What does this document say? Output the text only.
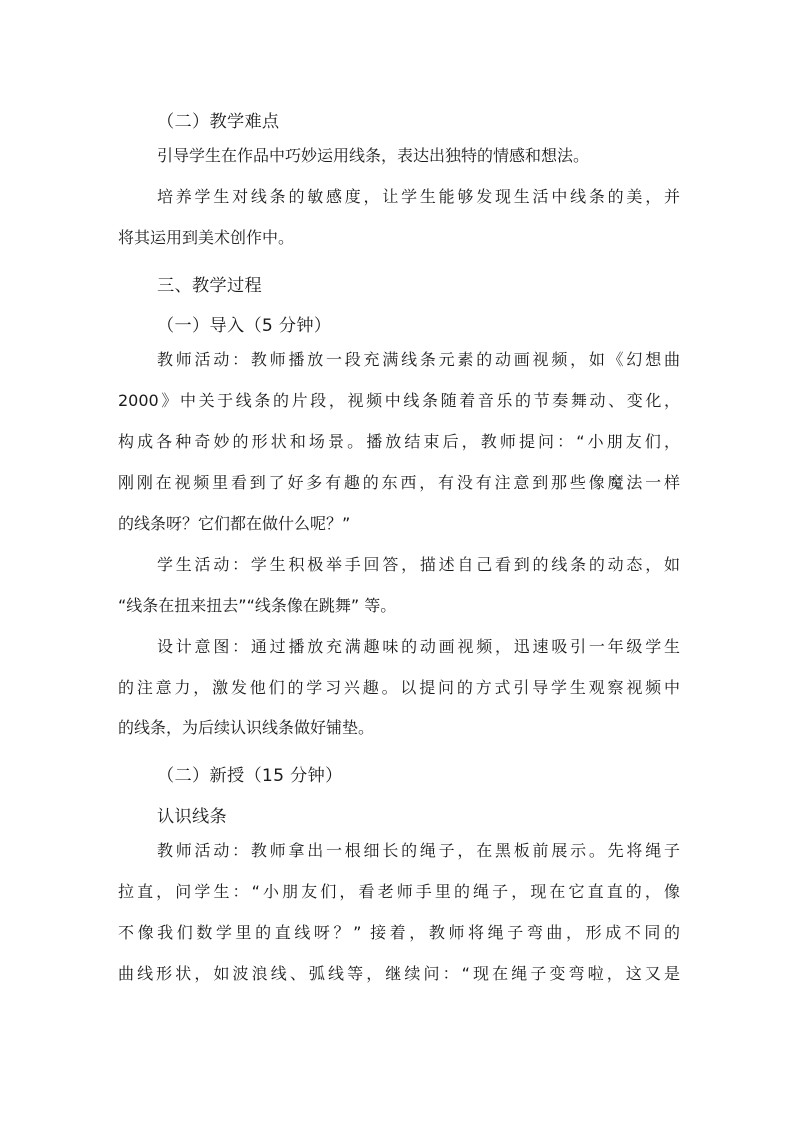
（二）教学难点
引导学生在作品中巧妙运用线条，表达出独特的情感和想法。
培养学生对线条的敏感度，让学生能够发现生活中线条的美，并
将其运用到美术创作中。
三、教学过程
（一）导入（5 分钟）
教师活动：教师播放一段充满线条元素的动画视频，如《幻想曲
2000》中关于线条的片段，视频中线条随着音乐的节奏舞动、变化，
构成各种奇妙的形状和场景。播放结束后，教师提问：“小朋友们，
刚刚在视频里看到了好多有趣的东西，有没有注意到那些像魔法一样
的线条呀？它们都在做什么呢？”
学生活动：学生积极举手回答，描述自己看到的线条的动态，如
“线条在扭来扭去”“线条像在跳舞” 等。
设计意图：通过播放充满趣味的动画视频，迅速吸引一年级学生
的注意力，激发他们的学习兴趣。以提问的方式引导学生观察视频中
的线条，为后续认识线条做好铺垫。
（二）新授（15 分钟）
认识线条
教师活动：教师拿出一根细长的绳子，在黑板前展示。先将绳子
拉直，问学生：“小朋友们，看老师手里的绳子，现在它直直的，像
不像我们数学里的直线呀？” 接着，教师将绳子弯曲，形成不同的
曲线形状，如波浪线、弧线等，继续问：“现在绳子变弯啦，这又是
